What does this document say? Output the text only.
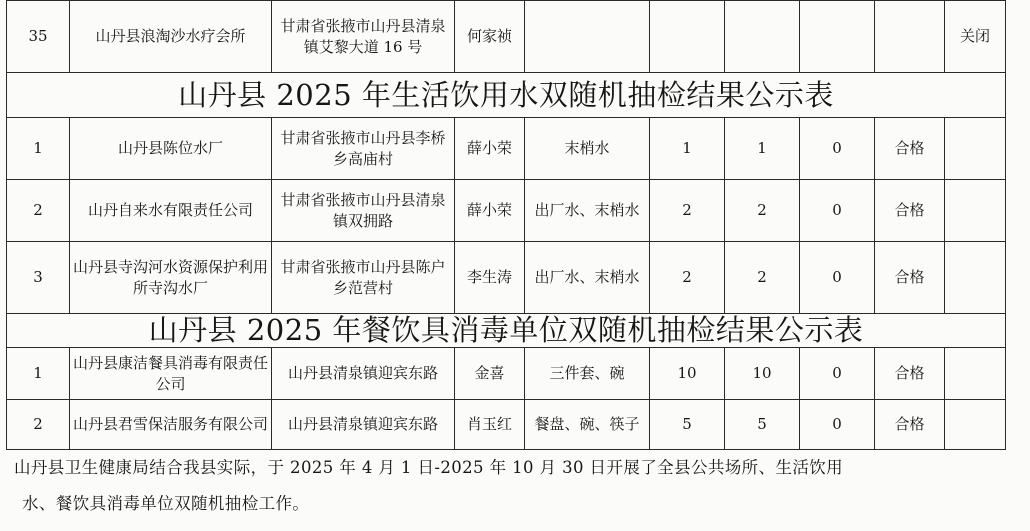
35	山丹县浪淘沙水疗会所	甘肃省张掖市山丹县清泉镇艾黎大道 16 号	何家祯						关闭
山丹县 2025 年生活饮用水双随机抽检结果公示表									
1	山丹县陈位水厂	甘肃省张掖市山丹县李桥乡高庙村	薛小荣	末梢水	1	1	0	合格	
2	山丹自来水有限责任公司	甘肃省张掖市山丹县清泉镇双拥路	薛小荣	出厂水、末梢水	2	2	0	合格	
3	山丹县寺沟河水资源保护利用所寺沟水厂	甘肃省张掖市山丹县陈户乡范营村	李生涛	出厂水、末梢水	2	2	0	合格	
山丹县 2025 年餐饮具消毒单位双随机抽检结果公示表									
1	山丹县康洁餐具消毒有限责任公司	山丹县清泉镇迎宾东路	金喜	三件套、碗	10	10	0	合格	
2	山丹县君雪保洁服务有限公司	山丹县清泉镇迎宾东路	肖玉红	餐盘、碗、筷子	5	5	0	合格	
山丹县卫生健康局结合我县实际，于 2025 年 4 月 1 日-2025 年 10 月 30 日开展了全县公共场所、生活饮用
水、餐饮具消毒单位双随机抽检工作。
